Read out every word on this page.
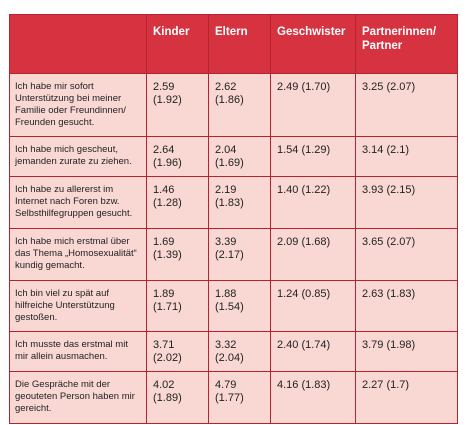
	Kinder	Eltern	Geschwister	Partnerinnen/ Partner
Ich habe mir sofort Unterstützung bei meiner Familie oder Freundinnen/ Freunden gesucht.	2.59 (1.92)	2.62 (1.86)	2.49 (1.70)	3.25 (2.07)
Ich habe mich gescheut, jemanden zurate zu ziehen.	2.64 (1.96)	2.04 (1.69)	1.54 (1.29)	3.14 (2.1)
Ich habe zu allererst im Internet nach Foren bzw. Selbsthilfegruppen gesucht.	1.46 (1.28)	2.19 (1.83)	1.40 (1.22)	3.93 (2.15)
Ich habe mich erstmal über das Thema „Homosexualität“ kundig gemacht.	1.69 (1.39)	3.39 (2.17)	2.09 (1.68)	3.65 (2.07)
Ich bin viel zu spät auf hilfreiche Unterstützung gestoßen.	1.89 (1.71)	1.88 (1.54)	1.24 (0.85)	2.63 (1.83)
Ich musste das erstmal mit mir allein ausmachen.	3.71 (2.02)	3.32 (2.04)	2.40 (1.74)	3.79 (1.98)
Die Gespräche mit der geouteten Person haben mir gereicht.	4.02 (1.89)	4.79 (1.77)	4.16 (1.83)	2.27 (1.7)
